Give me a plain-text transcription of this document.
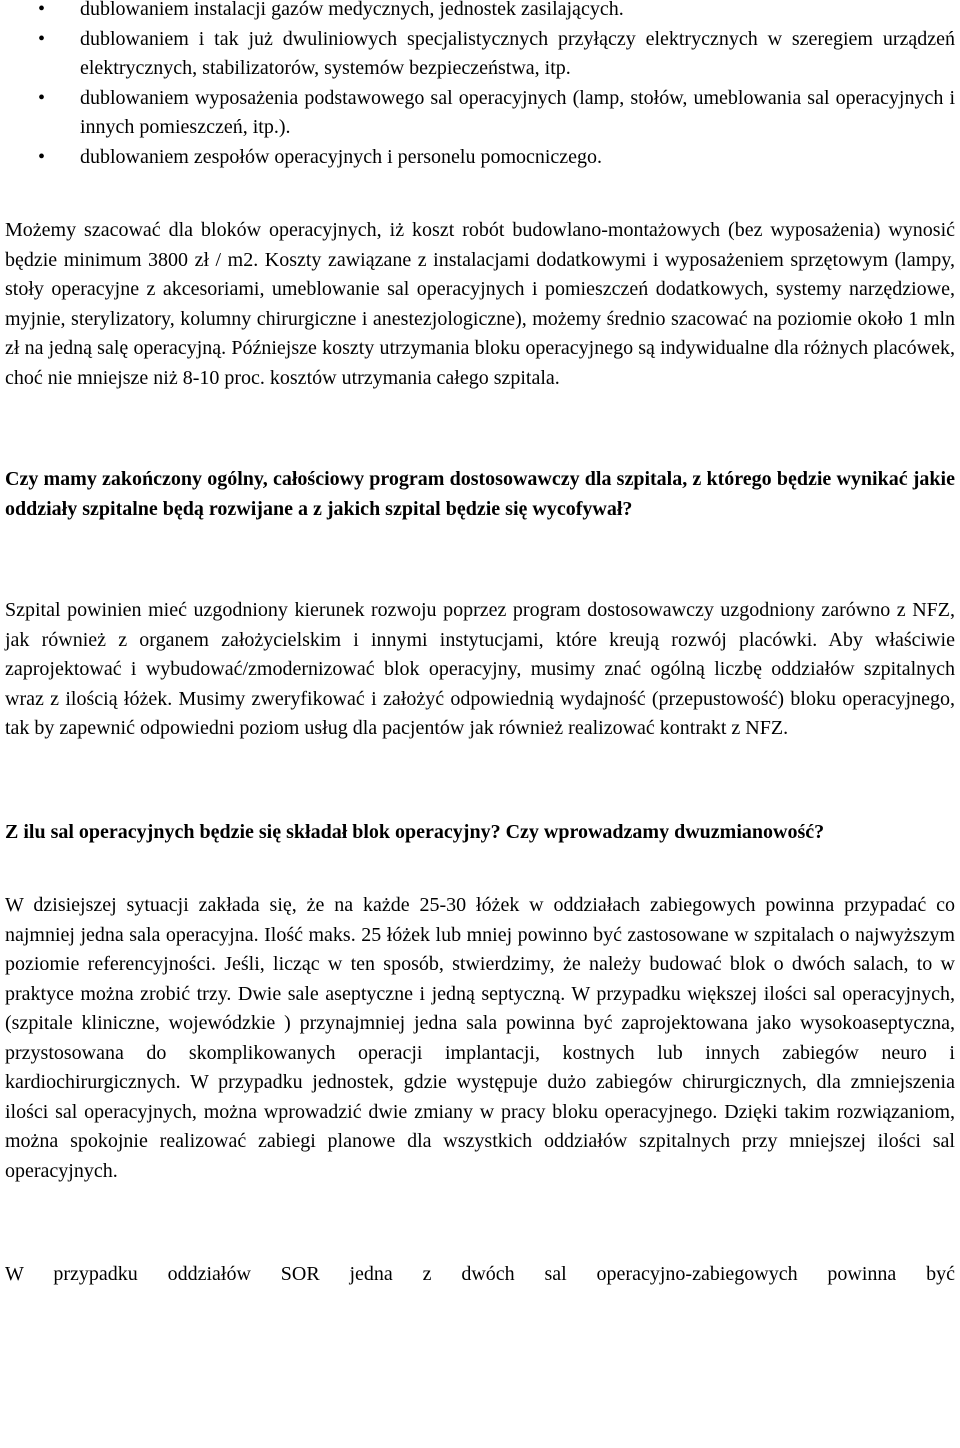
• dublowaniem instalacji gazów medycznych, jednostek zasilających.
• dublowaniem i tak już dwuliniowych specjalistycznych przyłączy elektrycznych w szeregiem urządzeń elektrycznych, stabilizatorów, systemów bezpieczeństwa, itp.
• dublowaniem wyposażenia podstawowego sal operacyjnych (lamp, stołów, umeblowania sal operacyjnych i innych pomieszczeń, itp.).
• dublowaniem zespołów operacyjnych i personelu pomocniczego.

Możemy szacować dla bloków operacyjnych, iż koszt robót budowlano-montażowych (bez wyposażenia) wynosić będzie minimum 3800 zł / m2. Koszty zawiązane z instalacjami dodatkowymi i wyposażeniem sprzętowym (lampy, stoły operacyjne z akcesoriami, umeblowanie sal operacyjnych i pomieszczeń dodatkowych, systemy narzędziowe, myjnie, sterylizatory, kolumny chirurgiczne i anestezjologiczne), możemy średnio szacować na poziomie około 1 mln zł na jedną salę operacyjną. Późniejsze koszty utrzymania bloku operacyjnego są indywidualne dla różnych placówek, choć nie mniejsze niż 8-10 proc. kosztów utrzymania całego szpitala.

Czy mamy zakończony ogólny, całościowy program dostosowawczy dla szpitala, z którego będzie wynikać jakie oddziały szpitalne będą rozwijane a z jakich szpital będzie się wycofywał?

Szpital powinien mieć uzgodniony kierunek rozwoju poprzez program dostosowawczy uzgodniony zarówno z NFZ, jak również z organem założycielskim i innymi instytucjami, które kreują rozwój placówki. Aby właściwie zaprojektować i wybudować/zmodernizować blok operacyjny, musimy znać ogólną liczbę oddziałów szpitalnych wraz z ilością łóżek. Musimy zweryfikować i założyć odpowiednią wydajność (przepustowość) bloku operacyjnego, tak by zapewnić odpowiedni poziom usług dla pacjentów jak również realizować kontrakt z NFZ.

Z ilu sal operacyjnych będzie się składał blok operacyjny? Czy wprowadzamy dwuzmianowość?

W dzisiejszej sytuacji zakłada się, że na każde 25-30 łóżek w oddziałach zabiegowych powinna przypadać co najmniej jedna sala operacyjna. Ilość maks. 25 łóżek lub mniej powinno być zastosowane w szpitalach o najwyższym poziomie referencyjności. Jeśli, licząc w ten sposób, stwierdzimy, że należy budować blok o dwóch salach, to w praktyce można zrobić trzy. Dwie sale aseptyczne i jedną septyczną. W przypadku większej ilości sal operacyjnych, (szpitale kliniczne, wojewódzkie ) przynajmniej jedna sala powinna być zaprojektowana jako wysokoaseptyczna, przystosowana do skomplikowanych operacji implantacji, kostnych lub innych zabiegów neuro i kardiochirurgicznych. W przypadku jednostek, gdzie występuje dużo zabiegów chirurgicznych, dla zmniejszenia ilości sal operacyjnych, można wprowadzić dwie zmiany w pracy bloku operacyjnego. Dzięki takim rozwiązaniom, można spokojnie realizować zabiegi planowe dla wszystkich oddziałów szpitalnych przy mniejszej ilości sal operacyjnych.

W przypadku oddziałów SOR jedna z dwóch sal operacyjno-zabiegowych powinna być
